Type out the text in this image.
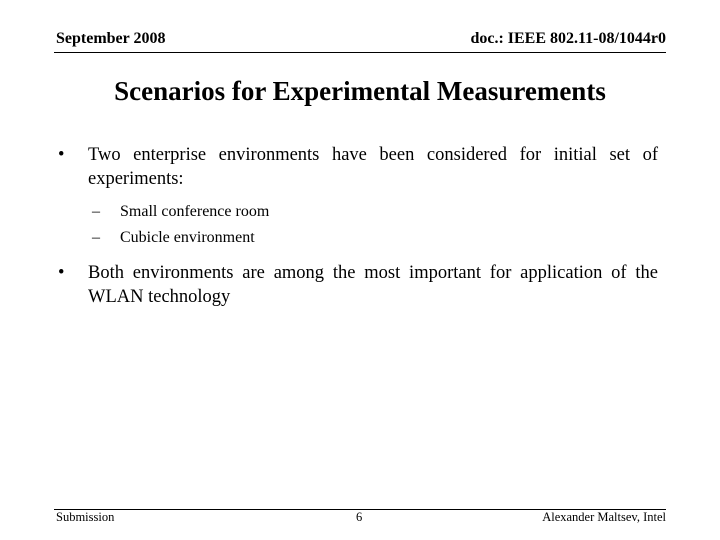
September 2008	doc.: IEEE 802.11-08/1044r0
Scenarios for Experimental Measurements
•	Two enterprise environments have been considered for initial set of experiments:
–	Small conference room
–	Cubicle environment
•	Both environments are among the most important for application of the WLAN technology
Submission	6	Alexander Maltsev, Intel
